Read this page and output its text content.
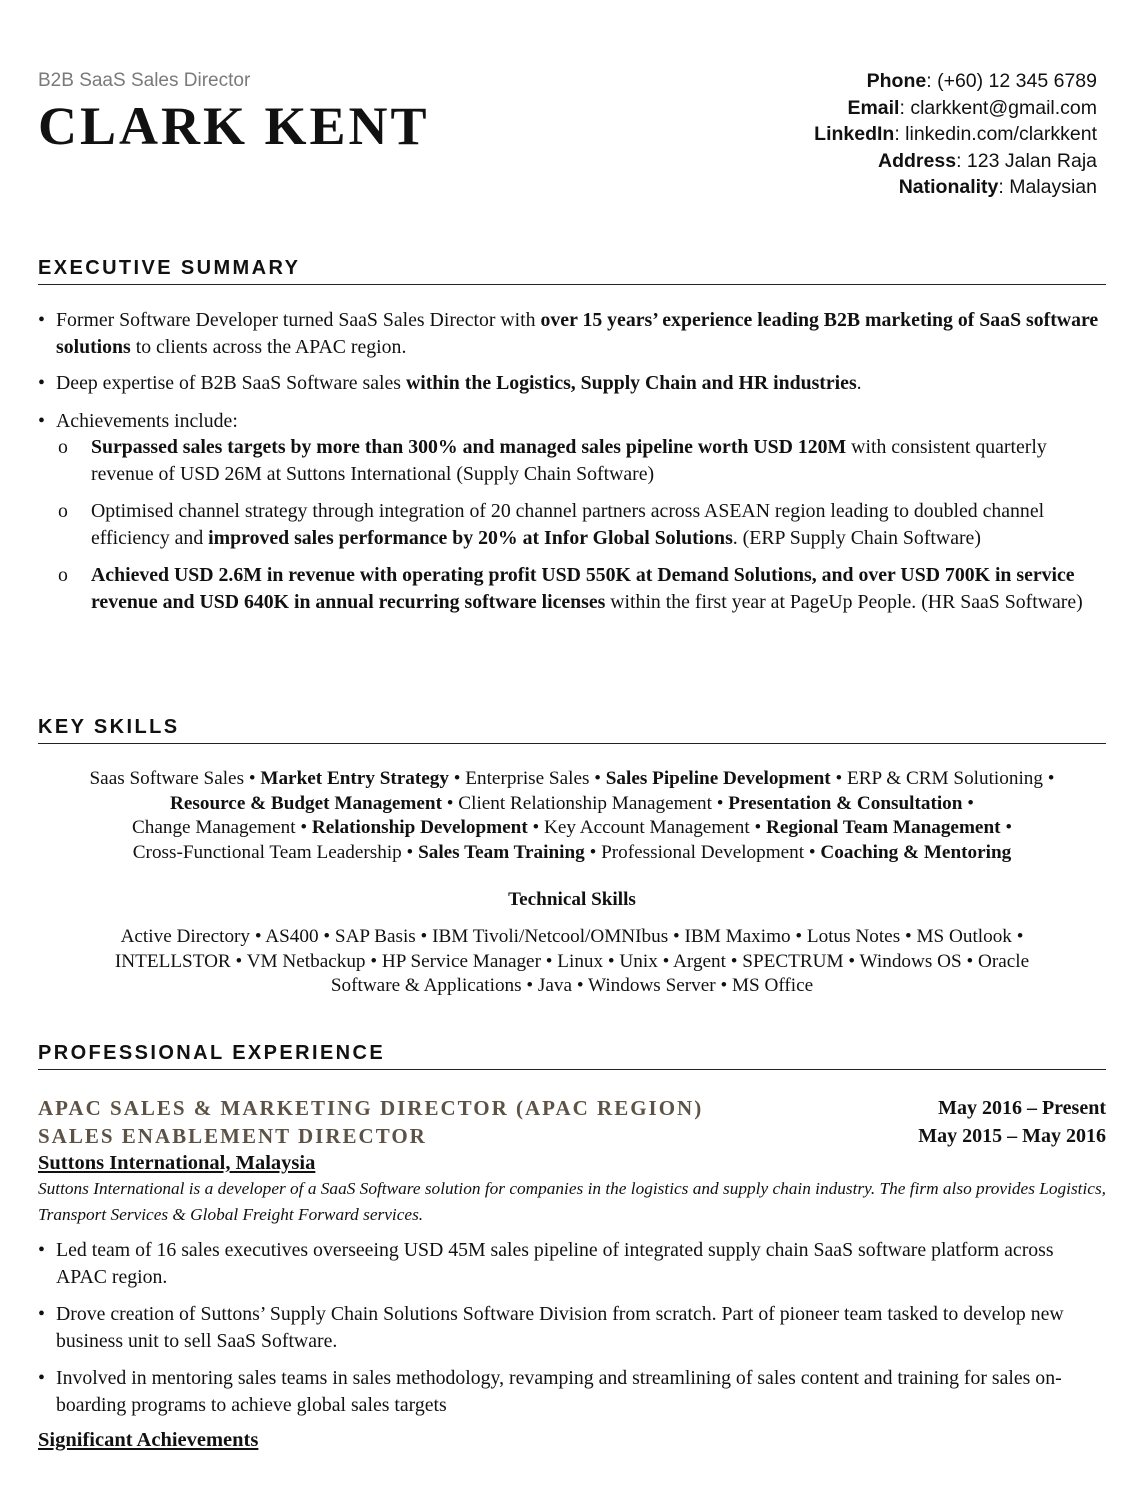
B2B SaaS Sales Director
CLARK KENT
Phone: (+60) 12 345 6789
Email: clarkkent@gmail.com
LinkedIn: linkedin.com/clarkkent
Address: 123 Jalan Raja
Nationality: Malaysian
EXECUTIVE SUMMARY
• Former Software Developer turned SaaS Sales Director with over 15 years’ experience leading B2B marketing of SaaS software solutions to clients across the APAC region.
• Deep expertise of B2B SaaS Software sales within the Logistics, Supply Chain and HR industries.
• Achievements include:
o Surpassed sales targets by more than 300% and managed sales pipeline worth USD 120M with consistent quarterly revenue of USD 26M at Suttons International (Supply Chain Software)
o Optimised channel strategy through integration of 20 channel partners across ASEAN region leading to doubled channel efficiency and improved sales performance by 20% at Infor Global Solutions. (ERP Supply Chain Software)
o Achieved USD 2.6M in revenue with operating profit USD 550K at Demand Solutions, and over USD 700K in service revenue and USD 640K in annual recurring software licenses within the first year at PageUp People. (HR SaaS Software)
KEY SKILLS
Saas Software Sales • Market Entry Strategy • Enterprise Sales • Sales Pipeline Development • ERP & CRM Solutioning •
Resource & Budget Management • Client Relationship Management • Presentation & Consultation •
Change Management • Relationship Development • Key Account Management • Regional Team Management •
Cross-Functional Team Leadership • Sales Team Training • Professional Development • Coaching & Mentoring
Technical Skills
Active Directory • AS400 • SAP Basis • IBM Tivoli/Netcool/OMNIbus • IBM Maximo • Lotus Notes • MS Outlook •
INTELLSTOR • VM Netbackup • HP Service Manager • Linux • Unix • Argent • SPECTRUM • Windows OS • Oracle
Software & Applications • Java • Windows Server • MS Office
PROFESSIONAL EXPERIENCE
APAC SALES & MARKETING DIRECTOR (APAC REGION)	May 2016 – Present
SALES ENABLEMENT DIRECTOR	May 2015 – May 2016
Suttons International, Malaysia
Suttons International is a developer of a SaaS Software solution for companies in the logistics and supply chain industry. The firm also provides Logistics, Transport Services & Global Freight Forward services.
• Led team of 16 sales executives overseeing USD 45M sales pipeline of integrated supply chain SaaS software platform across APAC region.
• Drove creation of Suttons’ Supply Chain Solutions Software Division from scratch. Part of pioneer team tasked to develop new business unit to sell SaaS Software.
• Involved in mentoring sales teams in sales methodology, revamping and streamlining of sales content and training for sales on-boarding programs to achieve global sales targets
Significant Achievements
